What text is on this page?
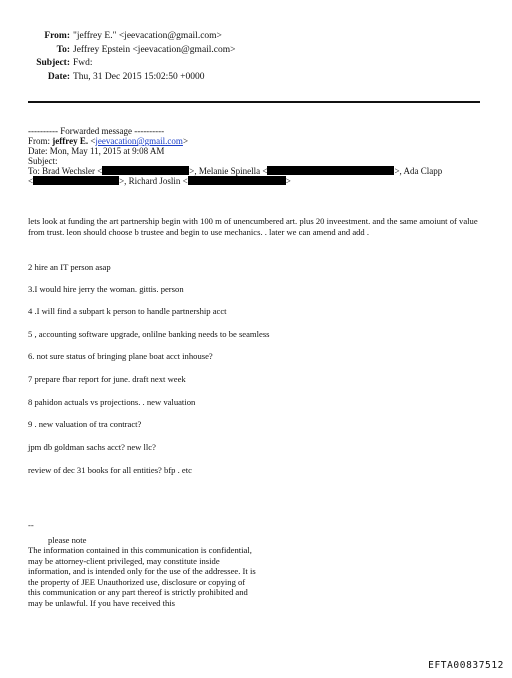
From: "jeffrey E." <jeevacation@gmail.com>
To: Jeffrey Epstein <jeevacation@gmail.com>
Subject: Fwd:
Date: Thu, 31 Dec 2015 15:02:50 +0000
---------- Forwarded message ----------
From: jeffrey E. <jeevacation@gmail.com>
Date: Mon, May 11, 2015 at 9:08 AM
Subject:
To: Brad Wechsler <	>, Melanie Spinella <	>, Ada Clapp
<	>, Richard Joslin <	>

lets look at funding the art partnership begin with 100 m of unencumbered art. plus 20 inveestment. and the same amoiunt of value from trust. leon should choose b trustee and begin to use mechanics. . later we can amend and add .

2 hire an IT person asap
3.I would hire jerry the woman. gittis. person
4 .I will find a subpart k person to handle partnership acct
5 , accounting software upgrade, onlilne banking needs to be seamless
6. not sure status of bringing plane boat acct inhouse?
7 prepare fbar report for june. draft next week
8 pahidon actuals vs projections. . new valuation
9 . new valuation of tra contract?
jpm db goldman sachs acct? new llc?
review of dec 31 books for all entities? bfp . etc
--
please note
The information contained in this communication is confidential, may be attorney-client privileged, may constitute inside information, and is intended only for the use of the addressee. It is the property of JEE Unauthorized use, disclosure or copying of this communication or any part thereof is strictly prohibited and may be unlawful. If you have received this
EFTA00837512
